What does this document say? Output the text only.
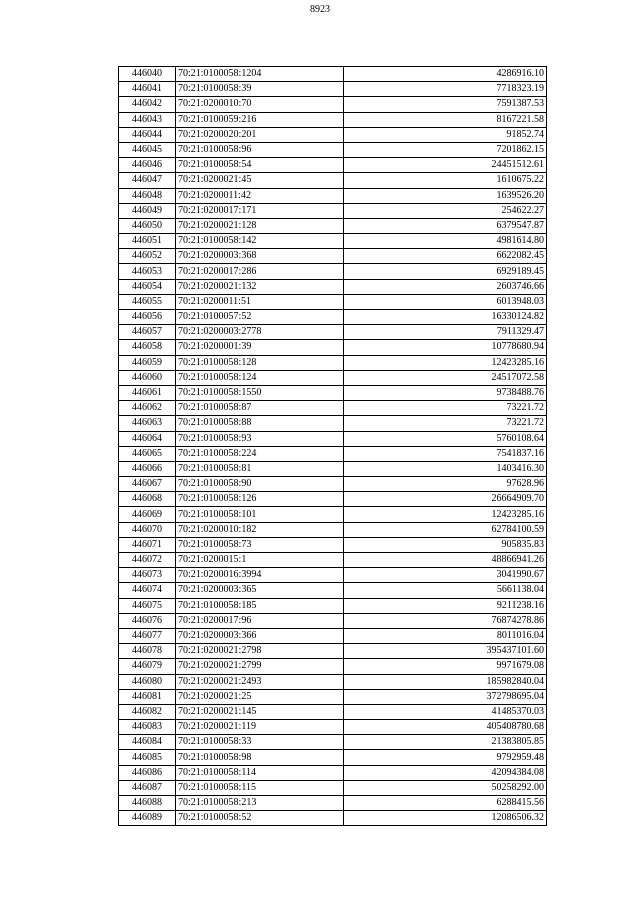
8923
446040	70:21:0100058:1204	4286916.10
446041	70:21:0100058:39	7718323.19
446042	70:21:0200010:70	7591387.53
446043	70:21:0100059:216	8167221.58
446044	70:21:0200020:201	91852.74
446045	70:21:0100058:96	7201862.15
446046	70:21:0100058:54	24451512.61
446047	70:21:0200021:45	1610675.22
446048	70:21:0200011:42	1639526.20
446049	70:21:0200017:171	254622.27
446050	70:21:0200021:128	6379547.87
446051	70:21:0100058:142	4981614.80
446052	70:21:0200003:368	6622082.45
446053	70:21:0200017:286	6929189.45
446054	70:21:0200021:132	2603746.66
446055	70:21:0200011:51	6013948.03
446056	70:21:0100057:52	16330124.82
446057	70:21:0200003:2778	7911329.47
446058	70:21:0200001:39	10778680.94
446059	70:21:0100058:128	12423285.16
446060	70:21:0100058:124	24517072.58
446061	70:21:0100058:1550	9738488.76
446062	70:21:0100058:87	73221.72
446063	70:21:0100058:88	73221.72
446064	70:21:0100058:93	5760108.64
446065	70:21:0100058:224	7541837.16
446066	70:21:0100058:81	1403416.30
446067	70:21:0100058:90	97628.96
446068	70:21:0100058:126	26664909.70
446069	70:21:0100058:101	12423285.16
446070	70:21:0200010:182	62784100.59
446071	70:21:0100058:73	905835.83
446072	70:21:0200015:1	48866941.26
446073	70:21:0200016:3994	3041990.67
446074	70:21:0200003:365	5661138.04
446075	70:21:0100058:185	9211238.16
446076	70:21:0200017:96	76874278.86
446077	70:21:0200003:366	8011016.04
446078	70:21:0200021:2798	395437101.60
446079	70:21:0200021:2799	9971679.08
446080	70:21:0200021:2493	185982840.04
446081	70:21:0200021:25	372798695.04
446082	70:21:0200021:145	41485370.03
446083	70:21:0200021:119	405408780.68
446084	70:21:0100058:33	21383805.85
446085	70:21:0100058:98	9792959.48
446086	70:21:0100058:114	42094384.08
446087	70:21:0100058:115	50258292.00
446088	70:21:0100058:213	6288415.56
446089	70:21:0100058:52	12086506.32
